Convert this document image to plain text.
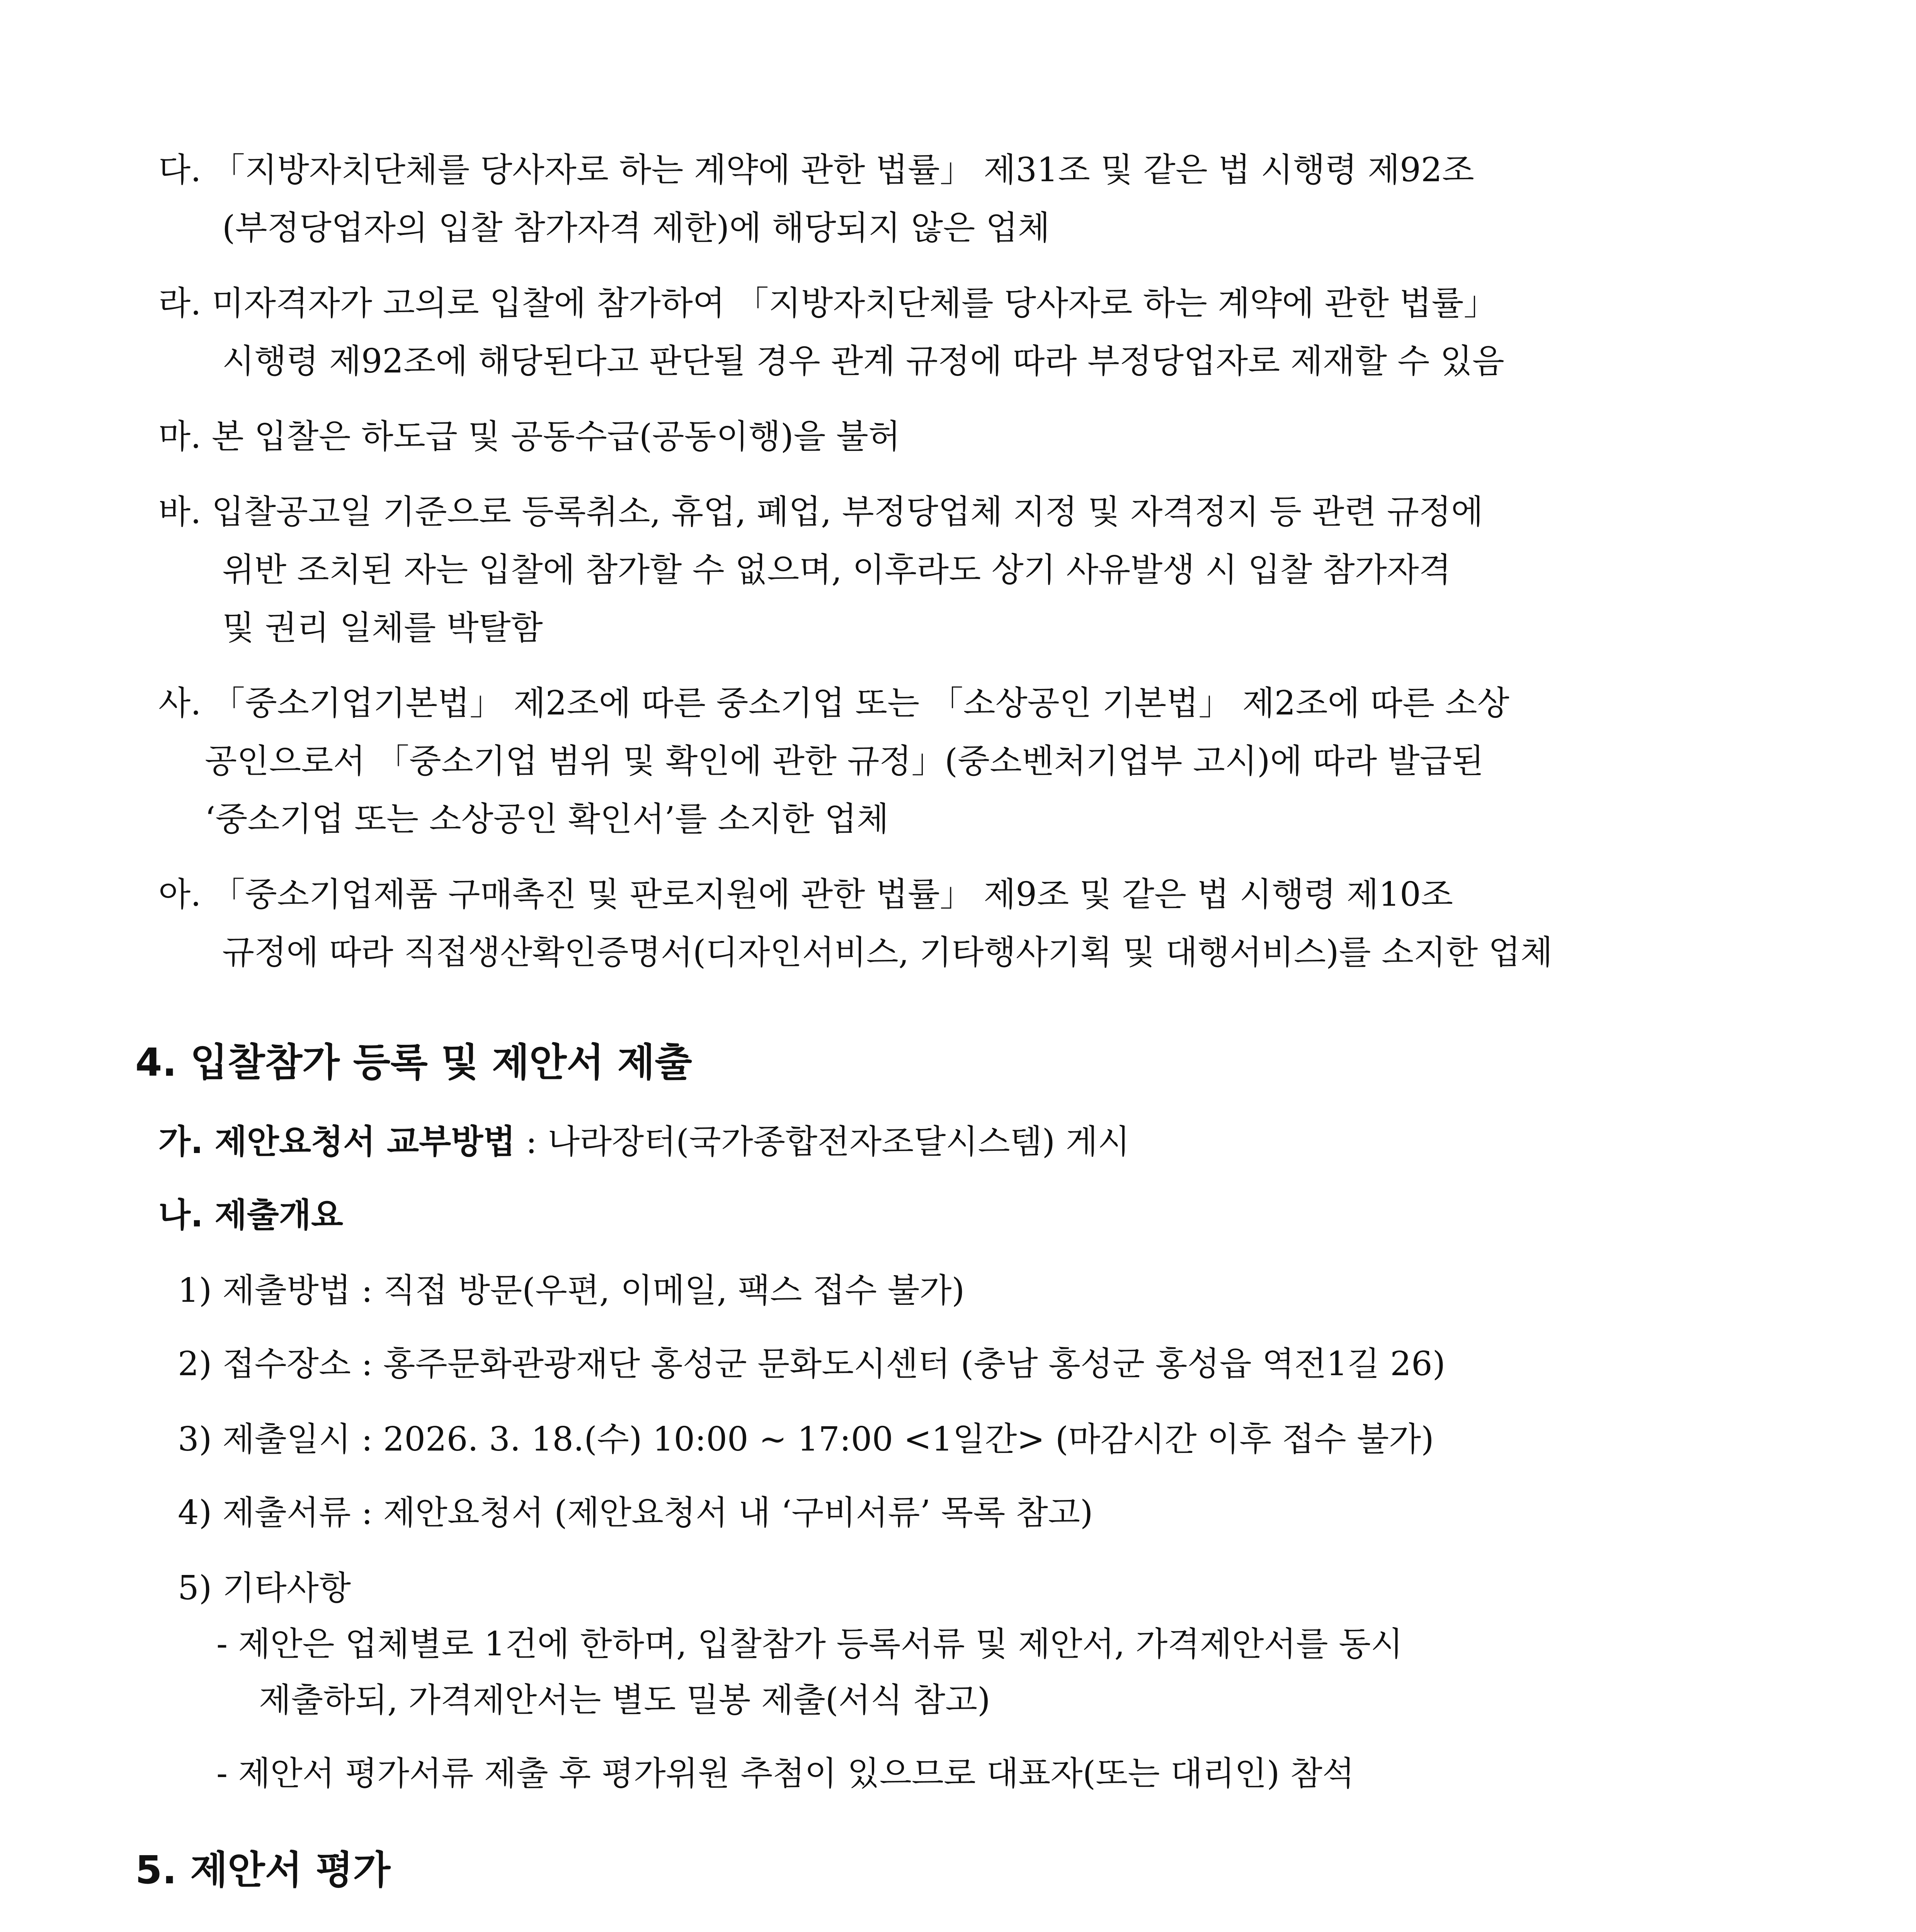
다. 「지방자치단체를 당사자로 하는 계약에 관한 법률」 제31조 및 같은 법 시행령 제92조
(부정당업자의 입찰 참가자격 제한)에 해당되지 않은 업체
라. 미자격자가 고의로 입찰에 참가하여 「지방자치단체를 당사자로 하는 계약에 관한 법률」
시행령 제92조에 해당된다고 판단될 경우 관계 규정에 따라 부정당업자로 제재할 수 있음
마. 본 입찰은 하도급 및 공동수급(공동이행)을 불허
바. 입찰공고일 기준으로 등록취소, 휴업, 폐업, 부정당업체 지정 및 자격정지 등 관련 규정에
위반 조치된 자는 입찰에 참가할 수 없으며, 이후라도 상기 사유발생 시 입찰 참가자격
및 권리 일체를 박탈함
사. 「중소기업기본법」 제2조에 따른 중소기업 또는 「소상공인 기본법」 제2조에 따른 소상
공인으로서 「중소기업 범위 및 확인에 관한 규정」(중소벤처기업부 고시)에 따라 발급된
‘중소기업 또는 소상공인 확인서’를 소지한 업체
아. 「중소기업제품 구매촉진 및 판로지원에 관한 법률」 제9조 및 같은 법 시행령 제10조
규정에 따라 직접생산확인증명서(디자인서비스, 기타행사기획 및 대행서비스)를 소지한 업체
4. 입찰참가 등록 및 제안서 제출
가. 제안요청서 교부방법 : 나라장터(국가종합전자조달시스템) 게시
나. 제출개요
1) 제출방법 : 직접 방문(우편, 이메일, 팩스 접수 불가)
2) 접수장소 : 홍주문화관광재단 홍성군 문화도시센터 (충남 홍성군 홍성읍 역전1길 26)
3) 제출일시 : 2026. 3. 18.(수) 10:00 ~ 17:00 <1일간> (마감시간 이후 접수 불가)
4) 제출서류 : 제안요청서 (제안요청서 내 ‘구비서류’ 목록 참고)
5) 기타사항
- 제안은 업체별로 1건에 한하며, 입찰참가 등록서류 및 제안서, 가격제안서를 동시
제출하되, 가격제안서는 별도 밀봉 제출(서식 참고)
- 제안서 평가서류 제출 후 평가위원 추첨이 있으므로 대표자(또는 대리인) 참석
5. 제안서 평가
